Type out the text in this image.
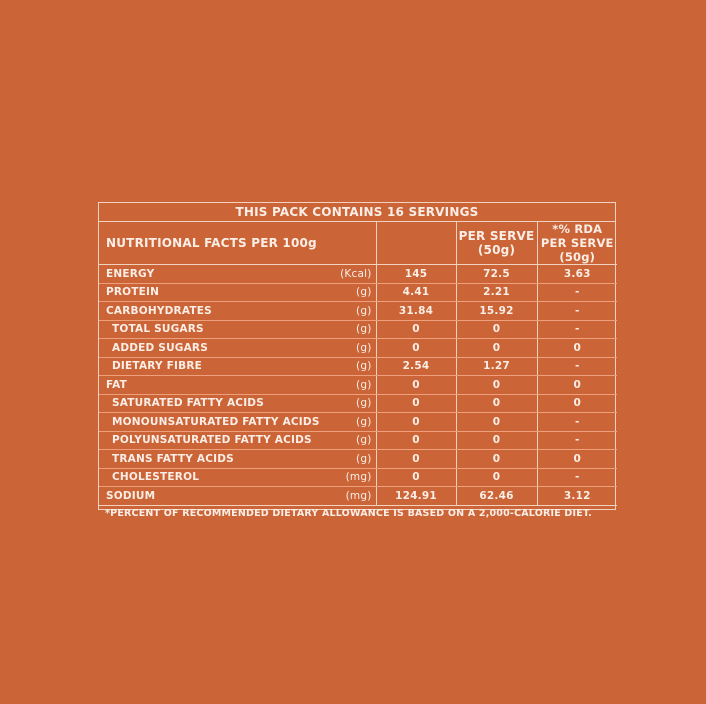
THIS PACK CONTAINS 16 SERVINGS
NUTRITIONAL FACTS PER 100g			PER SERVE (50g)	*% RDA PER SERVE (50g)
ENERGY	(Kcal)	145	72.5	3.63
PROTEIN	(g)	4.41	2.21	-
CARBOHYDRATES	(g)	31.84	15.92	-
TOTAL SUGARS	(g)	0	0	-
ADDED SUGARS	(g)	0	0	0
DIETARY FIBRE	(g)	2.54	1.27	-
FAT	(g)	0	0	0
SATURATED FATTY ACIDS	(g)	0	0	0
MONOUNSATURATED FATTY ACIDS	(g)	0	0	-
POLYUNSATURATED FATTY ACIDS	(g)	0	0	-
TRANS FATTY ACIDS	(g)	0	0	0
CHOLESTEROL	(mg)	0	0	-
SODIUM	(mg)	124.91	62.46	3.12
*PERCENT OF RECOMMENDED DIETARY ALLOWANCE IS BASED ON A 2,000-CALORIE DIET.
